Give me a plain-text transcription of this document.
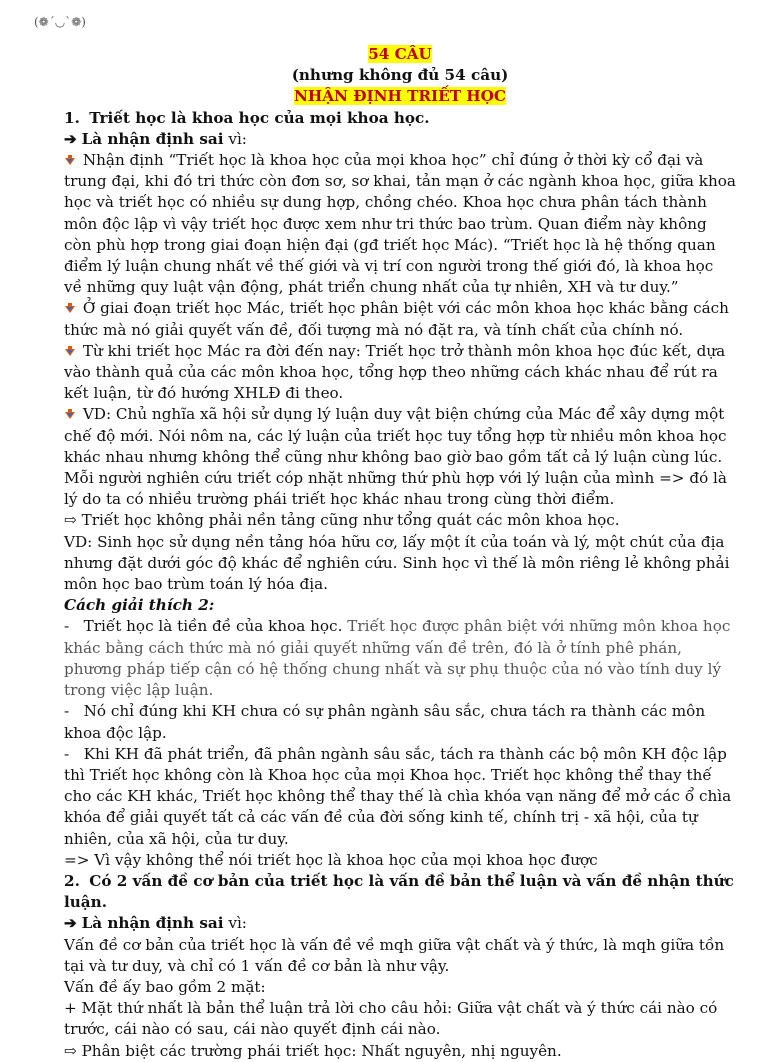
(❁´◡`❁)

54 CÂU

(nhưng không đủ 54 câu)

NHẬN ĐỊNH TRIẾT HỌC

1. Triết học là khoa học của mọi khoa học.

➔ Là nhận định sai vì:

Nhận định “Triết học là khoa học của mọi khoa học” chỉ đúng ở thời kỳ cổ đại và trung đại, khi đó tri thức còn đơn sơ, sơ khai, tản mạn ở các ngành khoa học, giữa khoa học và triết học có nhiều sự dung hợp, chồng chéo. Khoa học chưa phân tách thành môn độc lập vì vậy triết học được xem như tri thức bao trùm. Quan điểm này không còn phù hợp trong giai đoạn hiện đại (gđ triết học Mác). “Triết học là hệ thống quan điểm lý luận chung nhất về thế giới và vị trí con người trong thế giới đó, là khoa học về những quy luật vận động, phát triển chung nhất của tự nhiên, XH và tư duy.”

Ở giai đoạn triết học Mác, triết học phân biệt với các môn khoa học khác bằng cách thức mà nó giải quyết vấn đề, đối tượng mà nó đặt ra, và tính chất của chính nó.

Từ khi triết học Mác ra đời đến nay: Triết học trở thành môn khoa học đúc kết, dựa vào thành quả của các môn khoa học, tổng hợp theo những cách khác nhau để rút ra kết luận, từ đó hướng XHLĐ đi theo.

VD: Chủ nghĩa xã hội sử dụng lý luận duy vật biện chứng của Mác để xây dựng một chế độ mới. Nói nôm na, các lý luận của triết học tuy tổng hợp từ nhiều môn khoa học khác nhau nhưng không thể cũng như không bao giờ bao gồm tất cả lý luận cùng lúc. Mỗi người nghiên cứu triết cóp nhặt những thứ phù hợp với lý luận của mình => đó là lý do ta có nhiều trường phái triết học khác nhau trong cùng thời điểm.

⇨ Triết học không phải nền tảng cũng như tổng quát các môn khoa học.

VD: Sinh học sử dụng nền tảng hóa hữu cơ, lấy một ít của toán và lý, một chút của địa nhưng đặt dưới góc độ khác để nghiên cứu. Sinh học vì thế là môn riêng lẻ không phải môn học bao trùm toán lý hóa địa.

Cách giải thích 2:

- Triết học là tiền đề của khoa học. Triết học được phân biệt với những môn khoa học khác bằng cách thức mà nó giải quyết những vấn đề trên, đó là ở tính phê phán, phương pháp tiếp cận có hệ thống chung nhất và sự phụ thuộc của nó vào tính duy lý trong việc lập luận.

- Nó chỉ đúng khi KH chưa có sự phân ngành sâu sắc, chưa tách ra thành các môn khoa độc lập.

- Khi KH đã phát triển, đã phân ngành sâu sắc, tách ra thành các bộ môn KH độc lập thì Triết học không còn là Khoa học của mọi Khoa học. Triết học không thể thay thế cho các KH khác, Triết học không thể thay thế là chìa khóa vạn năng để mở các ổ chìa khóa để giải quyết tất cả các vấn đề của đời sống kinh tế, chính trị - xã hội, của tự nhiên, của xã hội, của tư duy.

=> Vì vậy không thể nói triết học là khoa học của mọi khoa học được

2. Có 2 vấn đề cơ bản của triết học là vấn đề bản thể luận và vấn đề nhận thức luận.

➔ Là nhận định sai vì:

Vấn đề cơ bản của triết học là vấn đề về mqh giữa vật chất và ý thức, là mqh giữa tồn tại và tư duy, và chỉ có 1 vấn đề cơ bản là như vậy.

Vấn đề ấy bao gồm 2 mặt:

+ Mặt thứ nhất là bản thể luận trả lời cho câu hỏi: Giữa vật chất và ý thức cái nào có trước, cái nào có sau, cái nào quyết định cái nào.

⇨ Phân biệt các trường phái triết học: Nhất nguyên, nhị nguyên.
